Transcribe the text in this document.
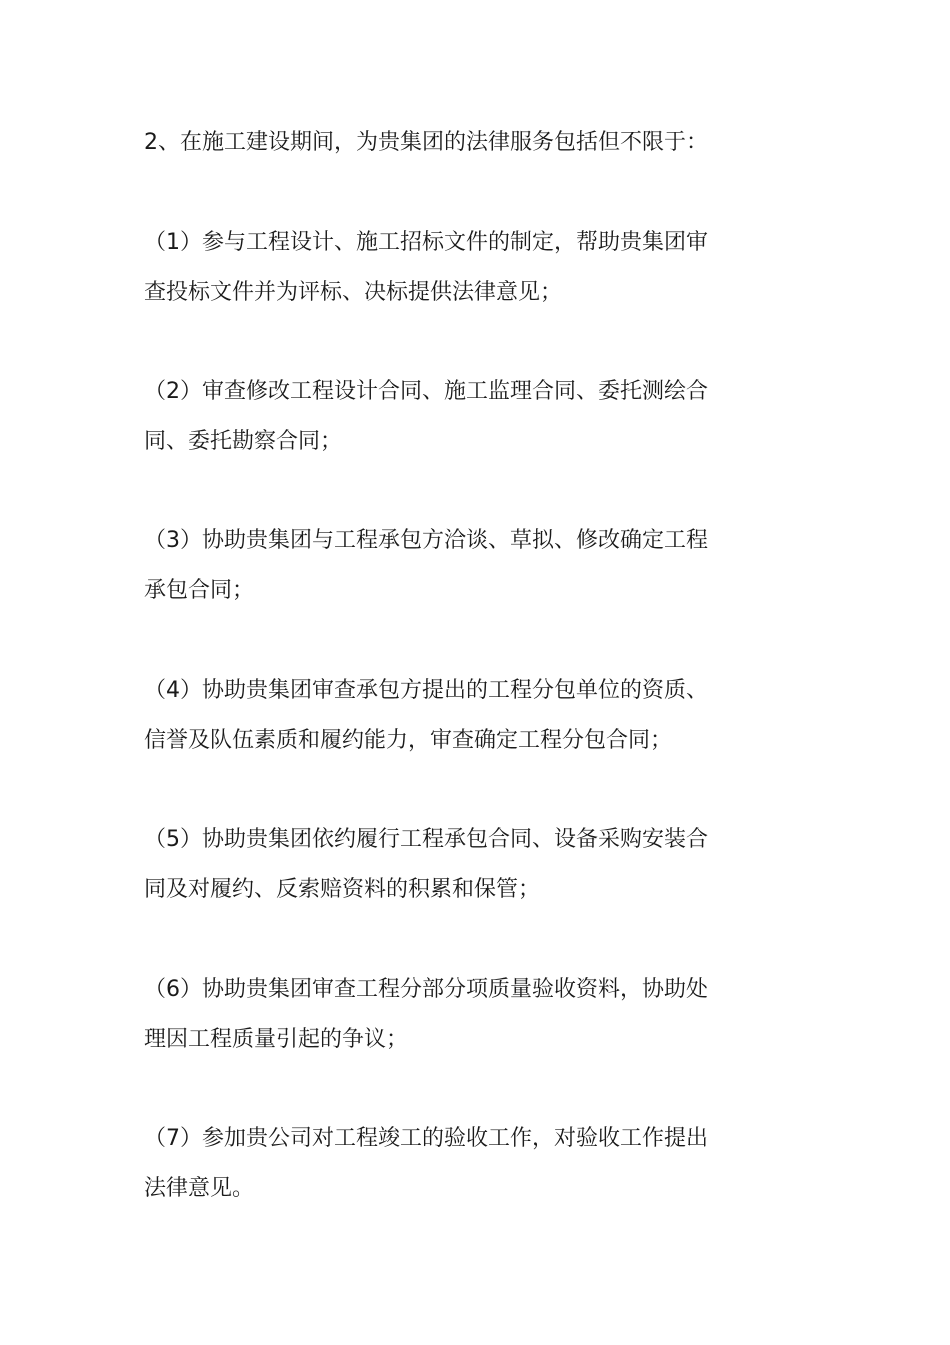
2、在施工建设期间，为贵集团的法律服务包括但不限于：

（1）参与工程设计、施工招标文件的制定，帮助贵集团审
查投标文件并为评标、决标提供法律意见；

（2）审查修改工程设计合同、施工监理合同、委托测绘合
同、委托勘察合同；

（3）协助贵集团与工程承包方洽谈、草拟、修改确定工程
承包合同；

（4）协助贵集团审查承包方提出的工程分包单位的资质、
信誉及队伍素质和履约能力，审查确定工程分包合同；

（5）协助贵集团依约履行工程承包合同、设备采购安装合
同及对履约、反索赔资料的积累和保管；

（6）协助贵集团审查工程分部分项质量验收资料，协助处
理因工程质量引起的争议；

（7）参加贵公司对工程竣工的验收工作，对验收工作提出
法律意见。
